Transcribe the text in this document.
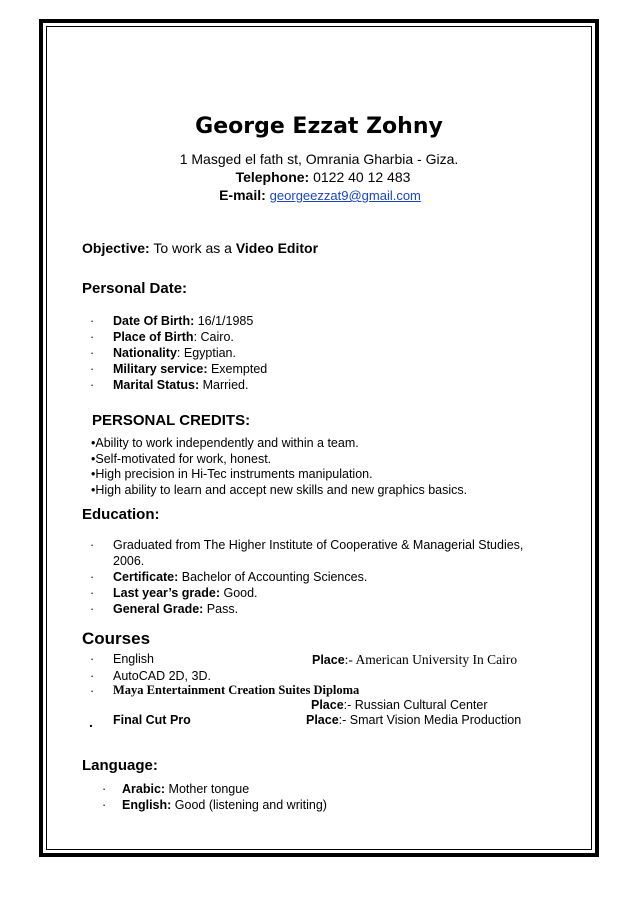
George Ezzat Zohny
1 Masged el fath st, Omrania Gharbia - Giza.
Telephone: 0122 40 12 483
E-mail: georgeezzat9@gmail.com
Objective: To work as a Video Editor
Personal Date:
· Date Of Birth: 16/1/1985
· Place of Birth: Cairo.
· Nationality: Egyptian.
· Military service: Exempted
· Marital Status: Married.
PERSONAL CREDITS:
•Ability to work independently and within a team.
•Self-motivated for work, honest.
•High precision in Hi-Tec instruments manipulation.
•High ability to learn and accept new skills and new graphics basics.
Education:
· Graduated from The Higher Institute of Cooperative & Managerial Studies,
2006.
· Certificate: Bachelor of Accounting Sciences.
· Last year’s grade: Good.
· General Grade: Pass.
Courses
· English	Place:- American University In Cairo
· AutoCAD 2D, 3D.
· Maya Entertainment Creation Suites Diploma
Place:- Russian Cultural Center
. Final Cut Pro	Place:- Smart Vision Media Production
Language:
· Arabic: Mother tongue
· English: Good (listening and writing)
